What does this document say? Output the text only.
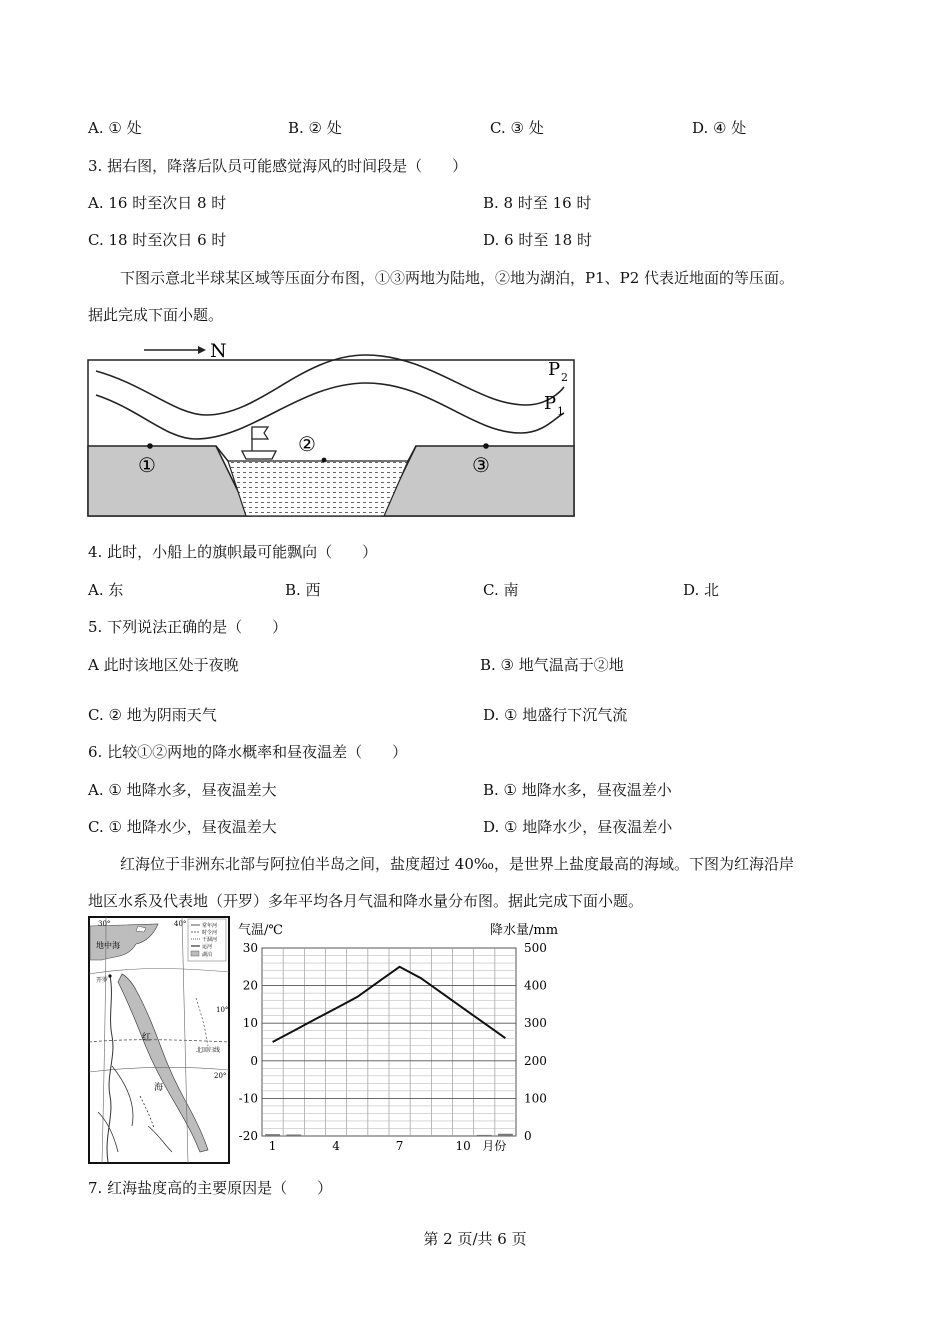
A. ① 处	B. ② 处	C. ③ 处	D. ④ 处
3. 据右图，降落后队员可能感觉海风的时间段是（　　）
A. 16 时至次日 8 时	B. 8 时至 16 时
C. 18 时至次日 6 时	D. 6 时至 18 时
下图示意北半球某区域等压面分布图，①③两地为陆地，②地为湖泊，P1、P2 代表近地面的等压面。
据此完成下面小题。
N
P 2
P 1
①
②
③
4. 此时，小船上的旗帜最可能飘向（　　）
A. 东	B. 西	C. 南	D. 北
5. 下列说法正确的是（　　）
A 此时该地区处于夜晚	B. ③ 地气温高于②地
C. ② 地为阴雨天气	D. ① 地盛行下沉气流
6. 比较①②两地的降水概率和昼夜温差（　　）
A. ① 地降水多，昼夜温差大	B. ① 地降水多，昼夜温差小
C. ① 地降水少，昼夜温差大	D. ① 地降水少，昼夜温差小
红海位于非洲东北部与阿拉伯半岛之间，盐度超过 40‰，是世界上盐度最高的海域。下图为红海沿岸
地区水系及代表地（开罗）多年平均各月气温和降水量分布图。据此完成下面小题。
常年河
时令河
干涸河
运河
湖泊
30°	40°
地中海
开罗
红
海
北回归线
20°
10°
气温/℃	降水量/mm
30
20
10
0
-10
-20
500
400
300
200
100
0
1	4	7	10 月份
7. 红海盐度高的主要原因是（　　）
第 2 页/共 6 页
